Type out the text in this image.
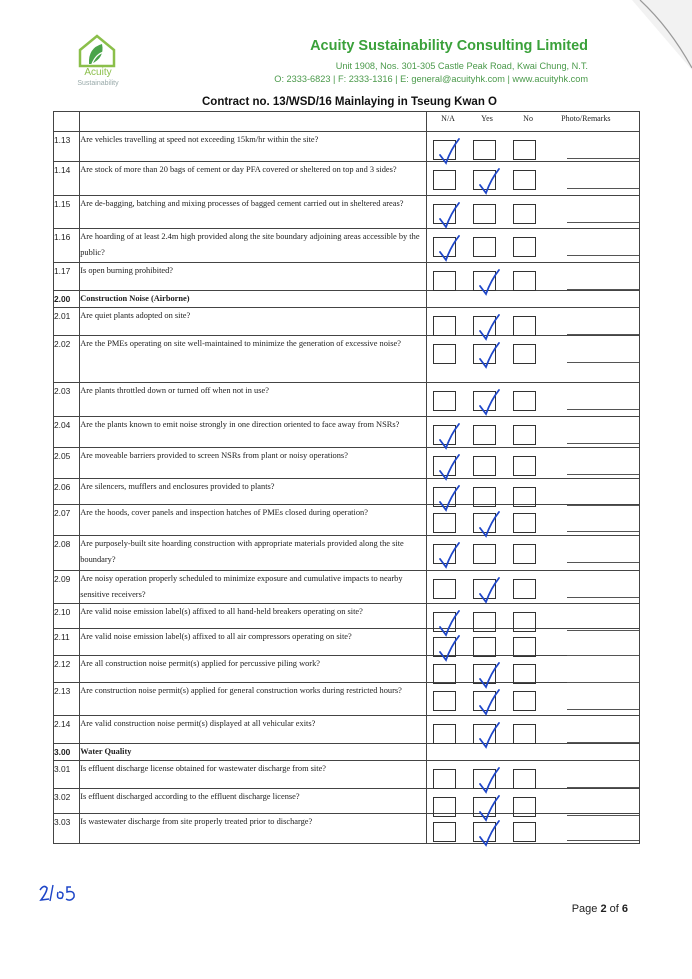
Acuity
Sustainability
Acuity Sustainability Consulting Limited
Unit 1908, Nos. 301-305 Castle Peak Road, Kwai Chung, N.T.
O: 2333-6823 | F: 2333-1316 | E: general@acuityhk.com | www.acuityhk.com
Contract no. 13/WSD/16 Mainlaying in Tseung Kwan O

		N/A Yes No Photo/Remarks

1.13	Are vehicles travelling at speed not exceeding 15km/hr within the site?	

1.14	Are stock of more than 20 bags of cement or day PFA covered or sheltered on top and 3 sides?	

1.15	Are de-bagging, batching and mixing processes of bagged cement carried out in sheltered areas?	

1.16	Are hoarding of at least 2.4m high provided along the site boundary adjoining areas accessible by the public?	

1.17	Is open burning prohibited?	

2.00	Construction Noise (Airborne)	
2.01	Are quiet plants adopted on site?	

2.02	Are the PMEs operating on site well-maintained to minimize the generation of excessive noise?	

2.03	Are plants throttled down or turned off when not in use?	

2.04	Are the plants known to emit noise strongly in one direction oriented to face away from NSRs?	

2.05	Are moveable barriers provided to screen NSRs from plant or noisy operations?	

2.06	Are silencers, mufflers and enclosures provided to plants?	

2.07	Are the hoods, cover panels and inspection hatches of PMEs closed during operation?	

2.08	Are purposely-built site hoarding construction with appropriate materials provided along the site boundary?	

2.09	Are noisy operation properly scheduled to minimize exposure and cumulative impacts to nearby sensitive receivers?	

2.10	Are valid noise emission label(s) affixed to all hand-held breakers operating on site?	

2.11	Are valid noise emission label(s) affixed to all air compressors operating on site?	

2.12	Are all construction noise permit(s) applied for percussive piling work?	

2.13	Are construction noise permit(s) applied for general construction works during restricted hours?	

2.14	Are valid construction noise permit(s) displayed at all vehicular exits?	

3.00	Water Quality	
3.01	Is effluent discharge license obtained for wastewater discharge from site?	

3.02	Is effluent discharged according to the effluent discharge license?	

3.03	Is wastewater discharge from site properly treated prior to discharge?	
Page 2 of 6
